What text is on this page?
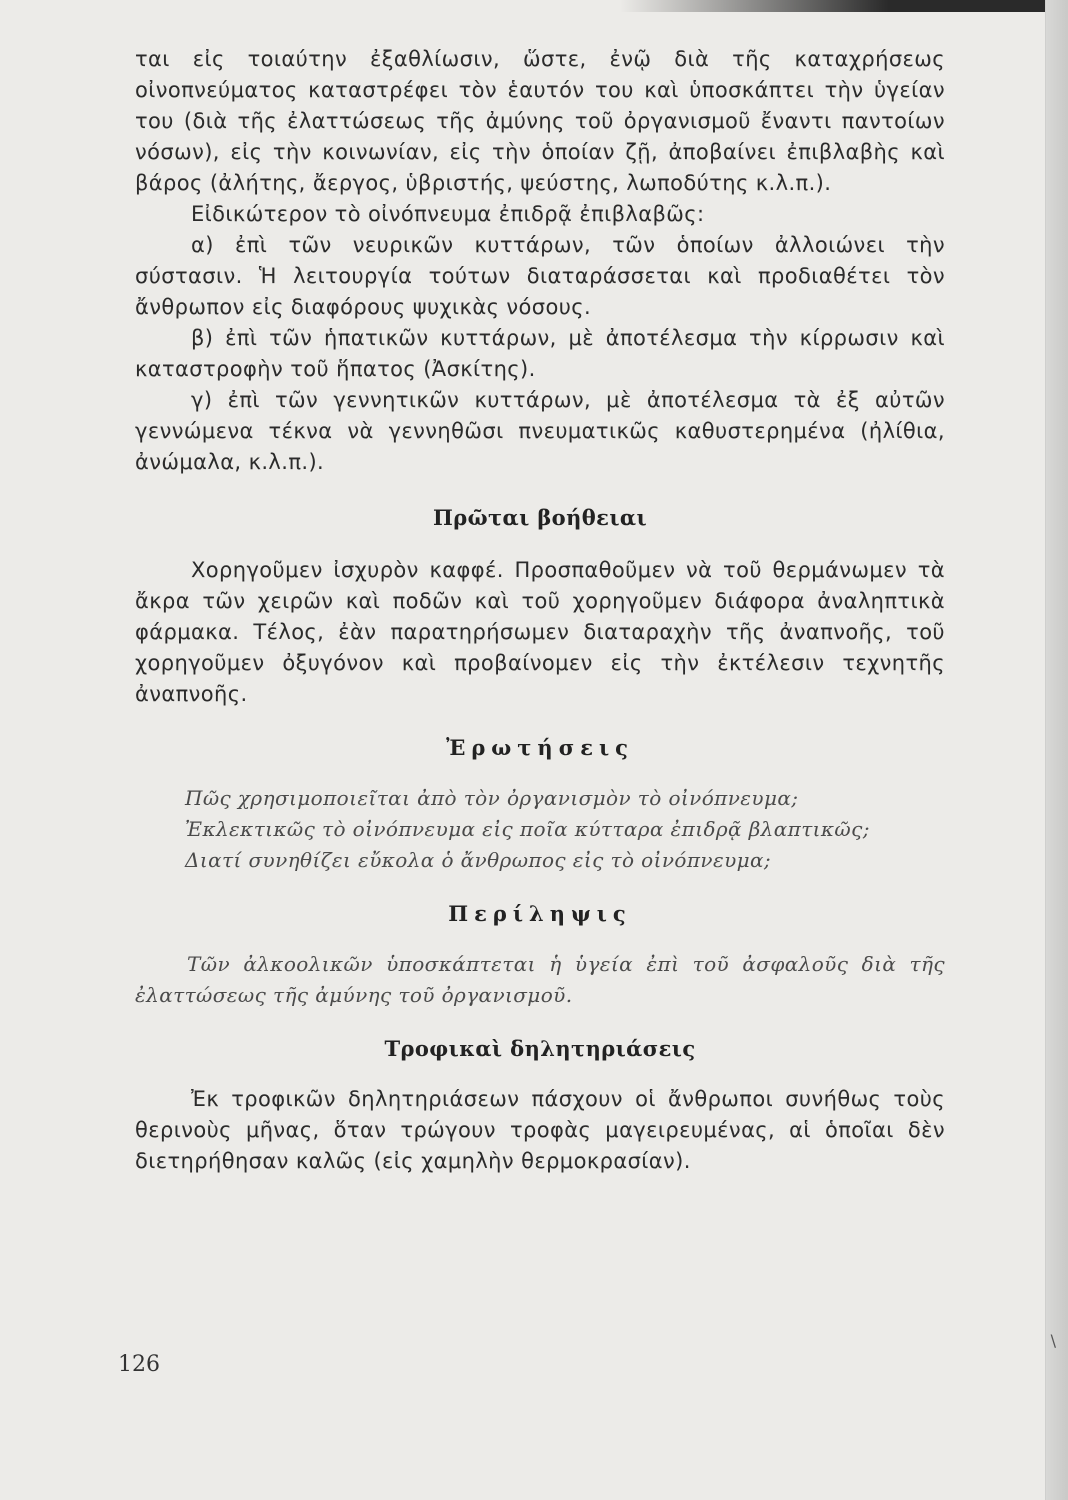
ται εἰς τοιαύτην ἐξαθλίωσιν, ὥστε, ἐνῷ διὰ τῆς καταχρήσεως οἰνοπνεύματος καταστρέφει τὸν ἑαυτόν του καὶ ὑποσκάπτει τὴν ὑγείαν του (διὰ τῆς ἐλαττώσεως τῆς ἀμύνης τοῦ ὀργανισμοῦ ἔναντι παντοίων νόσων), εἰς τὴν κοινωνίαν, εἰς τὴν ὁποίαν ζῇ, ἀποβαίνει ἐπιβλαβὴς καὶ βάρος (ἀλήτης, ἄεργος, ὑβριστής, ψεύστης, λωποδύτης κ.λ.π.).

Εἰδικώτερον τὸ οἰνόπνευμα ἐπιδρᾷ ἐπιβλαβῶς:

α) ἐπὶ τῶν νευρικῶν κυττάρων, τῶν ὁποίων ἀλλοιώνει τὴν σύστασιν. Ἡ λειτουργία τούτων διαταράσσεται καὶ προδιαθέτει τὸν ἄνθρωπον εἰς διαφόρους ψυχικὰς νόσους.

β) ἐπὶ τῶν ἡπατικῶν κυττάρων, μὲ ἀποτέλεσμα τὴν κίρρωσιν καὶ καταστροφὴν τοῦ ἥπατος (Ἀσκίτης).

γ) ἐπὶ τῶν γεννητικῶν κυττάρων, μὲ ἀποτέλεσμα τὰ ἐξ αὐτῶν γεννώμενα τέκνα νὰ γεννηθῶσι πνευματικῶς καθυστερημένα (ἠλίθια, ἀνώμαλα, κ.λ.π.).

Πρῶται βοήθειαι

Χορηγοῦμεν ἰσχυρὸν καφφέ. Προσπαθοῦμεν νὰ τοῦ θερμάνωμεν τὰ ἄκρα τῶν χειρῶν καὶ ποδῶν καὶ τοῦ χορηγοῦμεν διάφορα ἀναληπτικὰ φάρμακα. Τέλος, ἐὰν παρατηρήσωμεν διαταραχὴν τῆς ἀναπνοῆς, τοῦ χορηγοῦμεν ὀξυγόνον καὶ προβαίνομεν εἰς τὴν ἐκτέλεσιν τεχνητῆς ἀναπνοῆς.

Ἐρωτήσεις

Πῶς χρησιμοποιεῖται ἀπὸ τὸν ὀργανισμὸν τὸ οἰνόπνευμα;

Ἐκλεκτικῶς τὸ οἰνόπνευμα εἰς ποῖα κύτταρα ἐπιδρᾷ βλαπτικῶς;

Διατί συνηθίζει εὔκολα ὁ ἄνθρωπος εἰς τὸ οἰνόπνευμα;

Περίληψις

Τῶν ἀλκοολικῶν ὑποσκάπτεται ἡ ὑγεία ἐπὶ τοῦ ἀσφαλοῦς διὰ τῆς ἐλαττώσεως τῆς ἀμύνης τοῦ ὀργανισμοῦ.

Τροφικαὶ δηλητηριάσεις

Ἐκ τροφικῶν δηλητηριάσεων πάσχουν οἱ ἄνθρωποι συνήθως τοὺς θερινοὺς μῆνας, ὅταν τρώγουν τροφὰς μαγειρευμένας, αἱ ὁποῖαι δὲν διετηρήθησαν καλῶς (εἰς χαμηλὴν θερμοκρασίαν).

126
\
